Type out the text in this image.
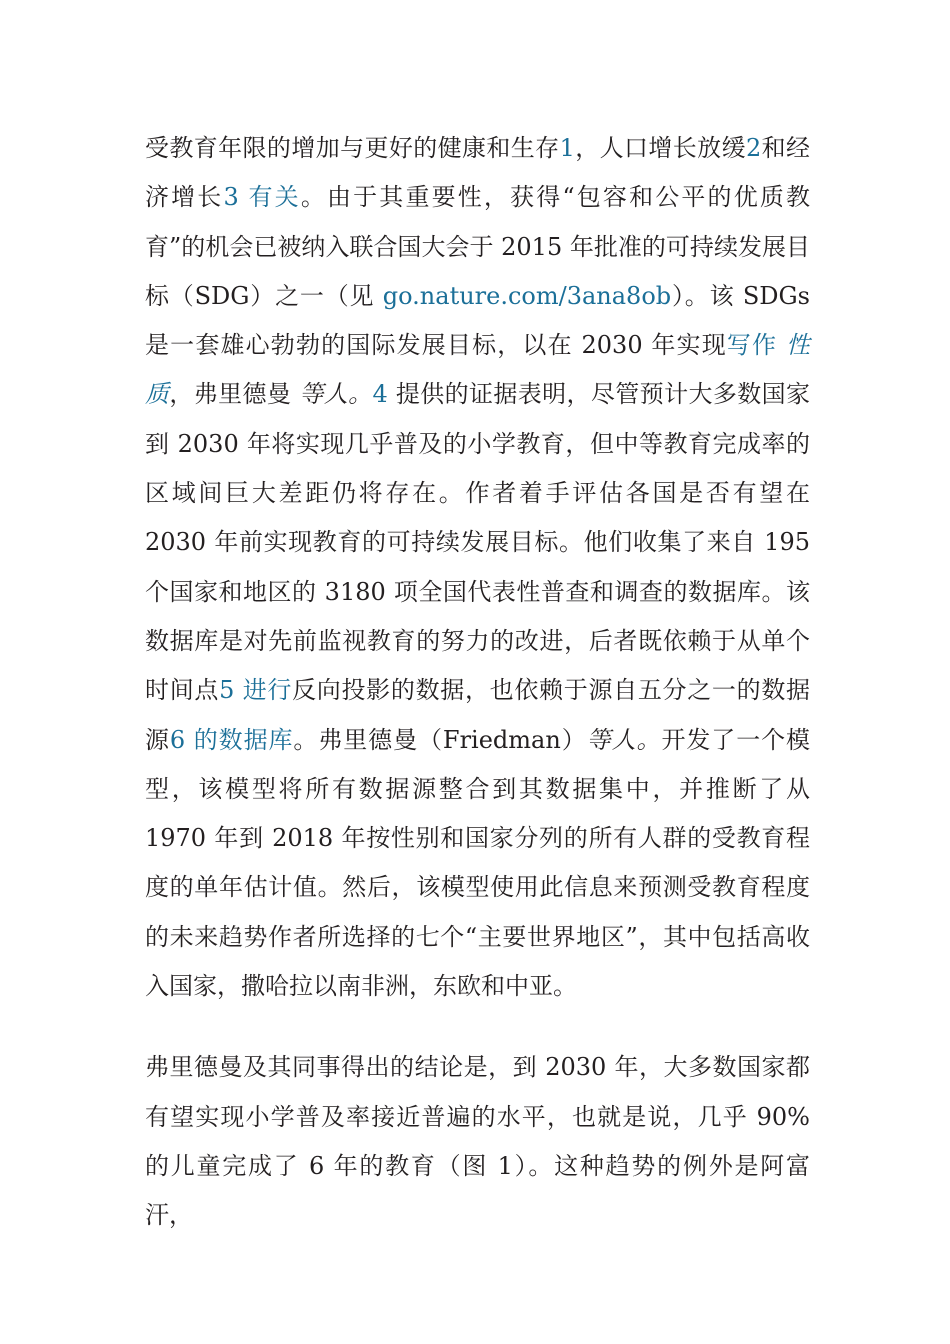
受教育年限的增加与更好的健康和生存1，人口增长放缓2和经济增长3 有关。由于其重要性，获得“包容和公平的优质教育”的机会已被纳入联合国大会于 2015 年批准的可持续发展目标（SDG）之一（见 go.nature.com/3ana8ob）。该 SDGs 是一套雄心勃勃的国际发展目标，以在 2030 年实现写作 性质，弗里德曼 等人。4 提供的证据表明，尽管预计大多数国家到 2030 年将实现几乎普及的小学教育，但中等教育完成率的区域间巨大差距仍将存在。作者着手评估各国是否有望在 2030 年前实现教育的可持续发展目标。他们收集了来自 195 个国家和地区的 3180 项全国代表性普查和调查的数据库。该数据库是对先前监视教育的努力的改进，后者既依赖于从单个时间点5 进行反向投影的数据，也依赖于源自五分之一的数据源6 的数据库。弗里德曼（Friedman）等人。开发了一个模型，该模型将所有数据源整合到其数据集中，并推断了从 1970 年到 2018 年按性别和国家分列的所有人群的受教育程度的单年估计值。然后，该模型使用此信息来预测受教育程度的未来趋势作者所选择的七个“主要世界地区”，其中包括高收入国家，撒哈拉以南非洲，东欧和中亚。

弗里德曼及其同事得出的结论是，到 2030 年，大多数国家都有望实现小学普及率接近普遍的水平，也就是说，几乎 90% 的儿童完成了 6 年的教育（图 1）。这种趋势的例外是阿富汗，
